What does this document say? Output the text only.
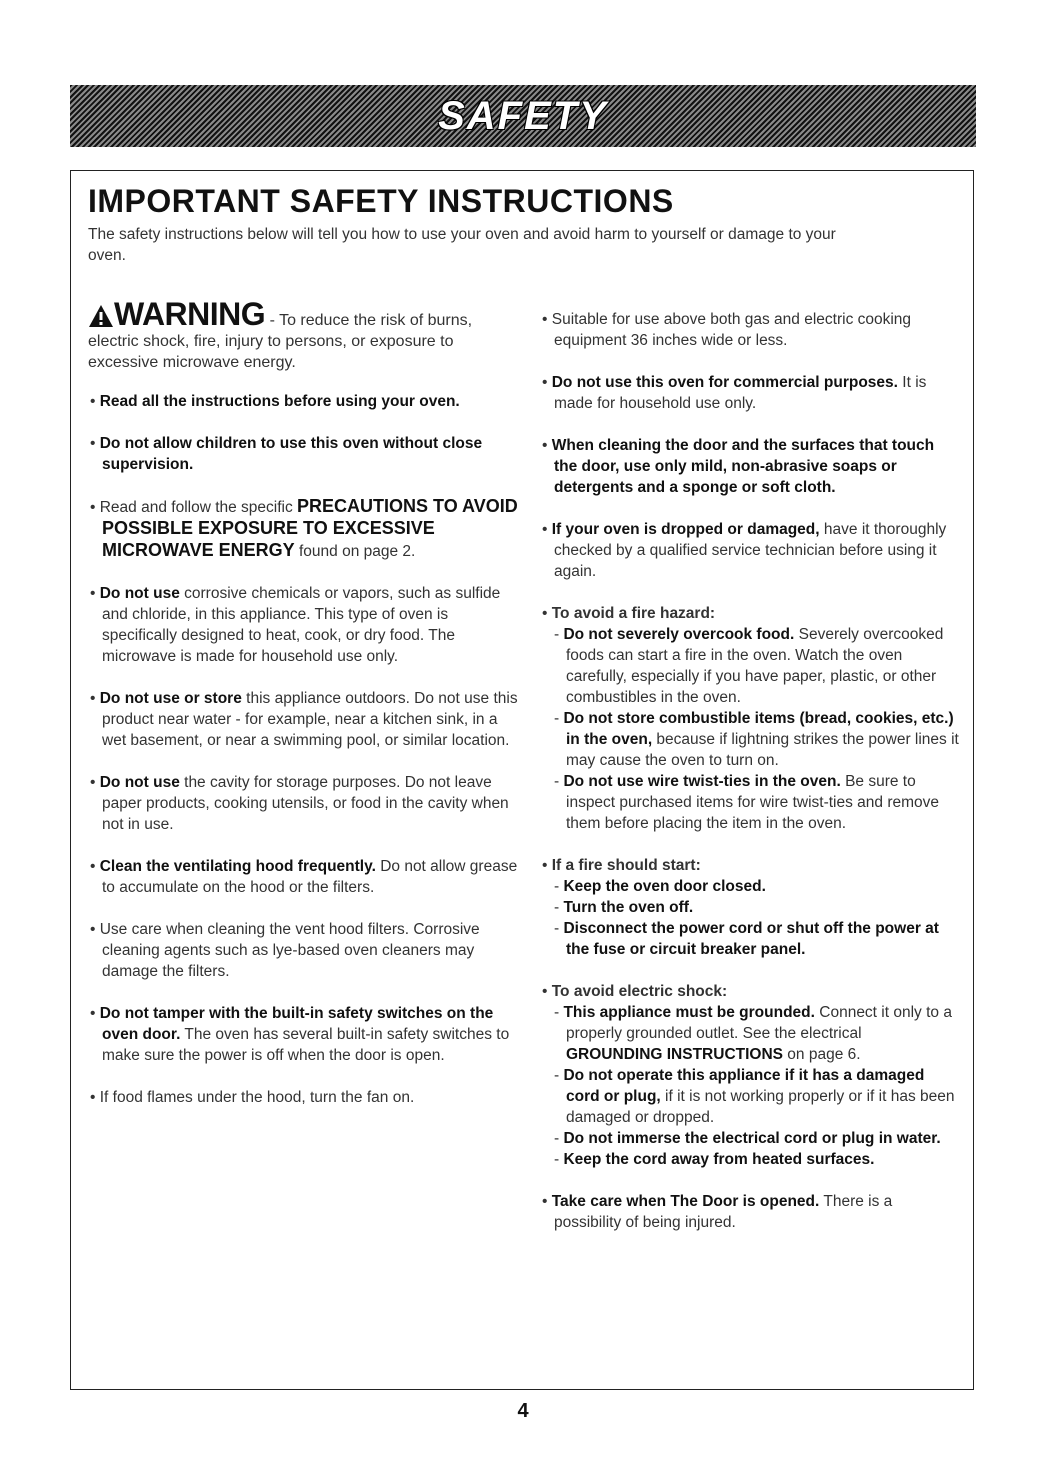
SAFETY
IMPORTANT SAFETY INSTRUCTIONS

The safety instructions below will tell you how to use your oven and avoid harm to yourself or damage to your oven.

WARNING - To reduce the risk of burns, electric shock, fire, injury to persons, or exposure to excessive microwave energy.

• Read all the instructions before using your oven.

• Do not allow children to use this oven without close supervision.

• Read and follow the specific PRECAUTIONS TO AVOID POSSIBLE EXPOSURE TO EXCESSIVE MICROWAVE ENERGY found on page 2.

• Do not use corrosive chemicals or vapors, such as sulfide and chloride, in this appliance. This type of oven is specifically designed to heat, cook, or dry food. The microwave is made for household use only.

• Do not use or store this appliance outdoors. Do not use this product near water - for example, near a kitchen sink, in a wet basement, or near a swimming pool, or similar location.

• Do not use the cavity for storage purposes. Do not leave paper products, cooking utensils, or food in the cavity when not in use.

• Clean the ventilating hood frequently. Do not allow grease to accumulate on the hood or the filters.

• Use care when cleaning the vent hood filters. Corrosive cleaning agents such as lye-based oven cleaners may damage the filters.

• Do not tamper with the built-in safety switches on the oven door. The oven has several built-in safety switches to make sure the power is off when the door is open.

• If food flames under the hood, turn the fan on.

• Suitable for use above both gas and electric cooking equipment 36 inches wide or less.

• Do not use this oven for commercial purposes. It is made for household use only.

• When cleaning the door and the surfaces that touch the door, use only mild, non-abrasive soaps or detergents and a sponge or soft cloth.

• If your oven is dropped or damaged, have it thoroughly checked by a qualified service technician before using it again.

• To avoid a fire hazard:

- Do not severely overcook food. Severely overcooked foods can start a fire in the oven. Watch the oven carefully, especially if you have paper, plastic, or other combustibles in the oven.

- Do not store combustible items (bread, cookies, etc.) in the oven, because if lightning strikes the power lines it may cause the oven to turn on.

- Do not use wire twist-ties in the oven. Be sure to inspect purchased items for wire twist-ties and remove them before placing the item in the oven.

• If a fire should start:

- Keep the oven door closed.

- Turn the oven off.

- Disconnect the power cord or shut off the power at the fuse or circuit breaker panel.

• To avoid electric shock:

- This appliance must be grounded. Connect it only to a properly grounded outlet. See the electrical GROUNDING INSTRUCTIONS on page 6.

- Do not operate this appliance if it has a damaged cord or plug, if it is not working properly or if it has been damaged or dropped.

- Do not immerse the electrical cord or plug in water.

- Keep the cord away from heated surfaces.

• Take care when The Door is opened. There is a possibility of being injured.

4
